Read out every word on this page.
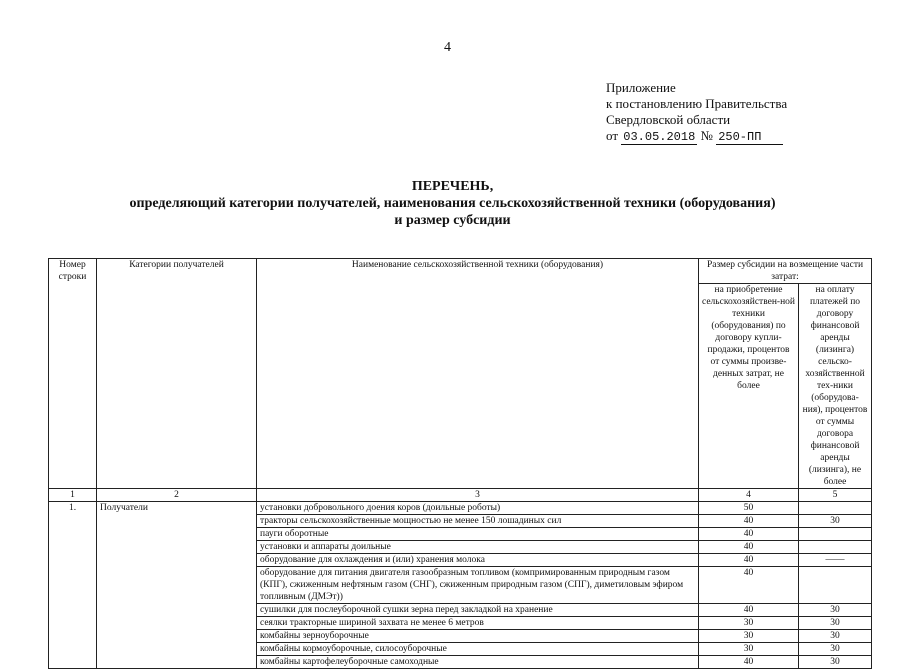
4
Приложение
к постановлению Правительства
Свердловской области
от 03.05.2018 № 250-ПП
ПЕРЕЧЕНЬ,
определяющий категории получателей, наименования сельскохозяйственной техники (оборудования)
и размер субсидии
Номер строки	Категории получателей	Наименование сельскохозяйственной техники (оборудования)	Размер субсидии на возмещение части затрат:	
			на приобретение сельскохозяйствен-ной техники (оборудования) по договору купли-продажи, процентов от суммы произве-денных затрат, не более	на оплату платежей по договору финансовой аренды (лизинга) сельско-хозяйственной тех-ники (оборудова-ния), процентов от суммы договора финансовой аренды (лизинга), не более
1	2	3	4	5
1.	Получатели	установки добровольного доения коров (доильные роботы)	50	
		тракторы сельскохозяйственные мощностью не менее 150 лошадиных сил	40	30
		пауги оборотные	40	
		установки и аппараты доильные	40	
		оборудование для охлаждения и (или) хранения молока	40	——
		оборудование для питания двигателя газообразным топливом (компримированным природным газом (КПГ), сжиженным нефтяным газом (СНГ), сжиженным природным газом (СПГ), диметиловым эфиром топливным (ДМЭт))	40	
		сушилки для послеуборочной сушки зерна перед закладкой на хранение	40	30
		сеялки тракторные шириной захвата не менее 6 метров	30	30
		комбайны зерноуборочные	30	30
		комбайны кормоуборочные, силосоуборочные	30	30
		комбайны картофелеуборочные самоходные	40	30
